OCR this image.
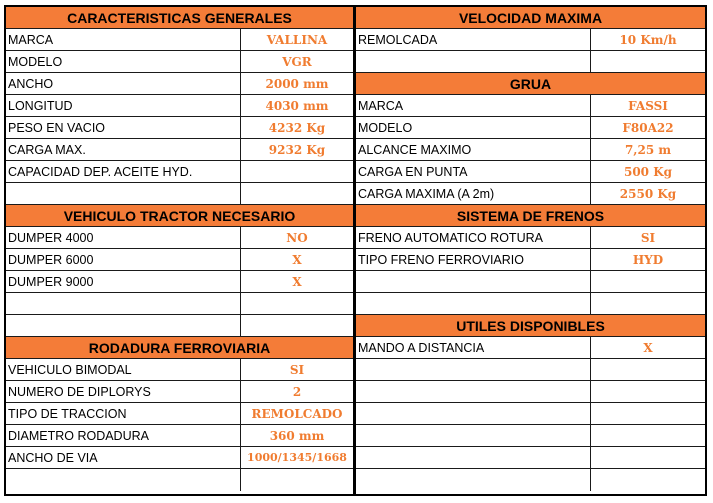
CARACTERISTICAS GENERALES
MARCA	VALLINA
MODELO	VGR
ANCHO	2000 mm
LONGITUD	4030 mm
PESO EN VACIO	4232 Kg
CARGA MAX.	9232 Kg
CAPACIDAD DEP. ACEITE HYD.
VEHICULO TRACTOR NECESARIO
DUMPER 4000	NO
DUMPER 6000	X
DUMPER 9000	X
RODADURA FERROVIARIA
VEHICULO BIMODAL	SI
NUMERO DE DIPLORYS	2
TIPO DE TRACCION	REMOLCADO
DIAMETRO RODADURA	360 mm
ANCHO DE VIA	1000/1345/1668
VELOCIDAD MAXIMA
REMOLCADA	10 Km/h
GRUA
MARCA	FASSI
MODELO	F80A22
ALCANCE MAXIMO	7,25 m
CARGA EN PUNTA	500 Kg
CARGA MAXIMA (A 2m)	2550 Kg
SISTEMA DE FRENOS
FRENO AUTOMATICO ROTURA	SI
TIPO FRENO FERROVIARIO	HYD
UTILES DISPONIBLES
MANDO A DISTANCIA	X
